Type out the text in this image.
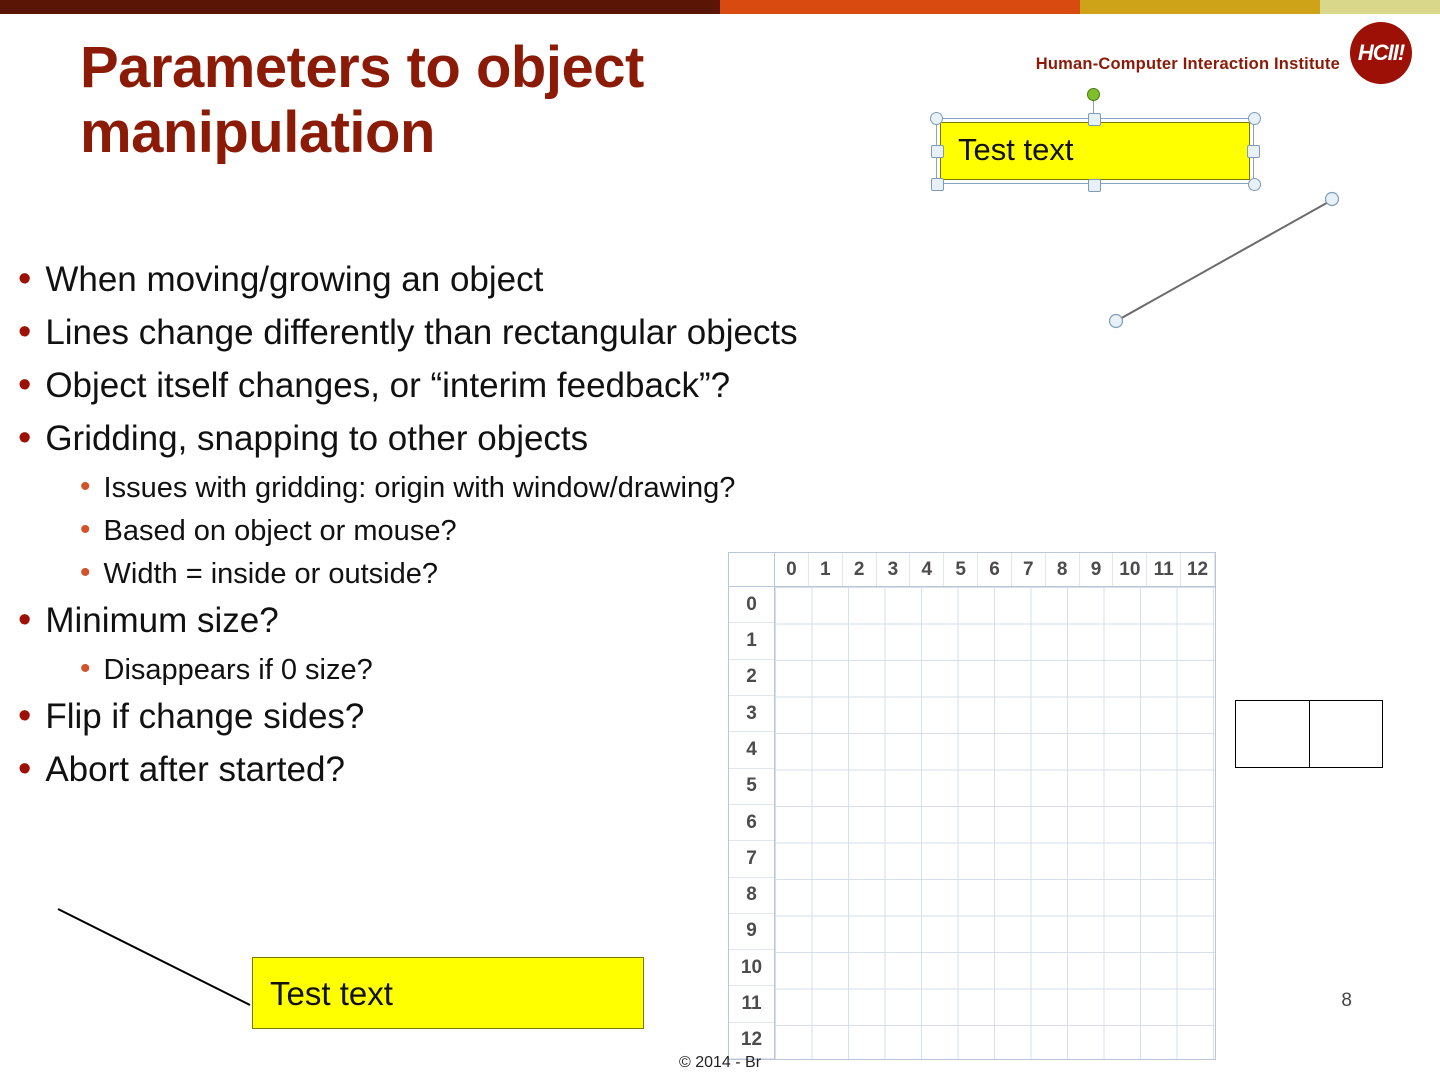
Parameters to object manipulation
Human-Computer Interaction Institute HCII!
Test text
• When moving/growing an object
• Lines change differently than rectangular objects
• Object itself changes, or “interim feedback”?
• Gridding, snapping to other objects
• Issues with gridding: origin with window/drawing?
• Based on object or mouse?
• Width = inside or outside?
• Minimum size?
• Disappears if 0 size?
• Flip if change sides?
• Abort after started?
0	1	2	3	4	5	6	7	8	9 10 11 12
0
1
2
3
4
5
6
7
8
9
10
11
12
Test text
© 2014 - Br
8
